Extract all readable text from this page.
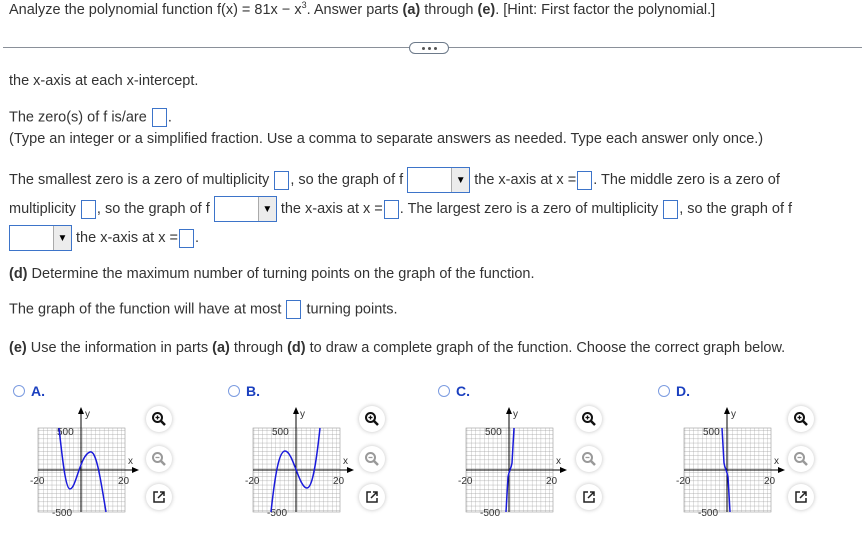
Analyze the polynomial function $f(x) = 81x - x^3$. Answer parts (a) through (e). [Hint: First factor the polynomial.]
the x-axis at each x-intercept.
The zero(s) of f is/are .
(Type an integer or a simplified fraction. Use a comma to separate answers as needed. Type each answer only once.)
The smallest zero is a zero of multiplicity , so the graph of f	▼ the x-axis at x = . The middle zero is a zero of
multiplicity , so the graph of f	▼ the x-axis at x = . The largest zero is a zero of multiplicity , so the graph of f
▼ the x-axis at x = .
(d) Determine the maximum number of turning points on the graph of the function.
The graph of the function will have at most turning points.
(e) Use the information in parts (a) through (d) to draw a complete graph of the function. Choose the correct graph below.
A.	B.	C.	D.
y
x
500
-20	20
-500
y
x
500
-20	20
-500
y
x
500
-20	20
-500
y
x
500
-20	20
-500
